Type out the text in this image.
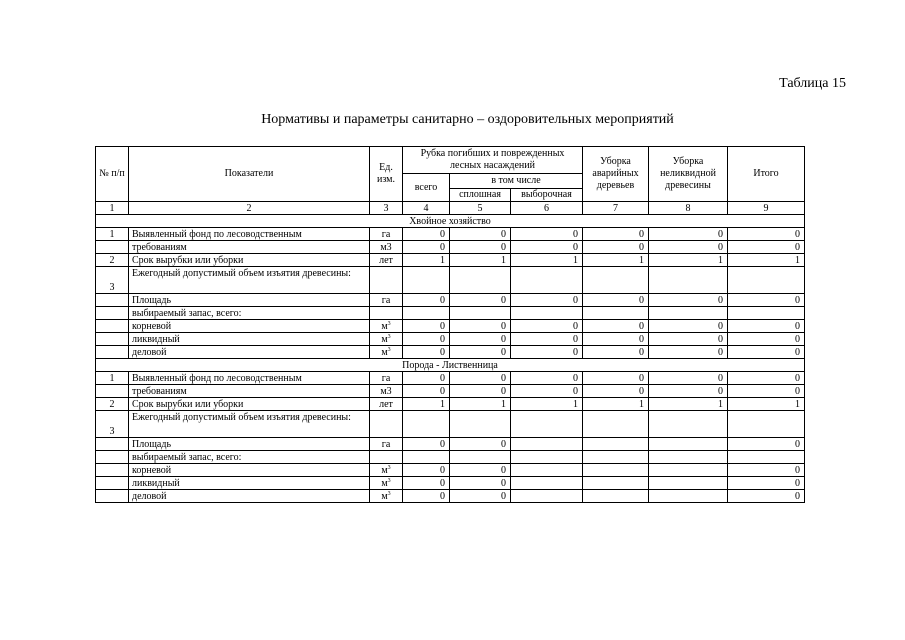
Таблица 15
Нормативы и параметры санитарно – оздоровительных мероприятий
№ п/п	Показатели	Ед. изм.	Рубка погибших и поврежденных лесных насаждений			Уборка аварийных деревьев	Уборка неликвидной древесины	Итого
			всего	в том числе				
				сплошная	выборочная			
1	2	3	4	5	6	7	8	9
Хвойное хозяйство								
1	Выявленный фонд по лесоводственным	га	0	0	0	0	0	0
	требованиям	м3	0	0	0	0	0	0
2	Срок вырубки или уборки	лет	1	1	1	1	1	1
3	Ежегодный допустимый объем изъятия древесины:							
	Площадь	га	0	0	0	0	0	0
	выбираемый запас, всего:							
	корневой	$м^3$	0	0	0	0	0	0
	ликвидный	$м^3$	0	0	0	0	0	0
	деловой	$м^3$	0	0	0	0	0	0
Порода - Лиственница								
1	Выявленный фонд по лесоводственным	га	0	0	0	0	0	0
	требованиям	м3	0	0	0	0	0	0
2	Срок вырубки или уборки	лет	1	1	1	1	1	1
3	Ежегодный допустимый объем изъятия древесины:							
	Площадь	га	0	0				0
	выбираемый запас, всего:							
	корневой	$м^3$	0	0				0
	ликвидный	$м^3$	0	0				0
	деловой	$м^3$	0	0				0
